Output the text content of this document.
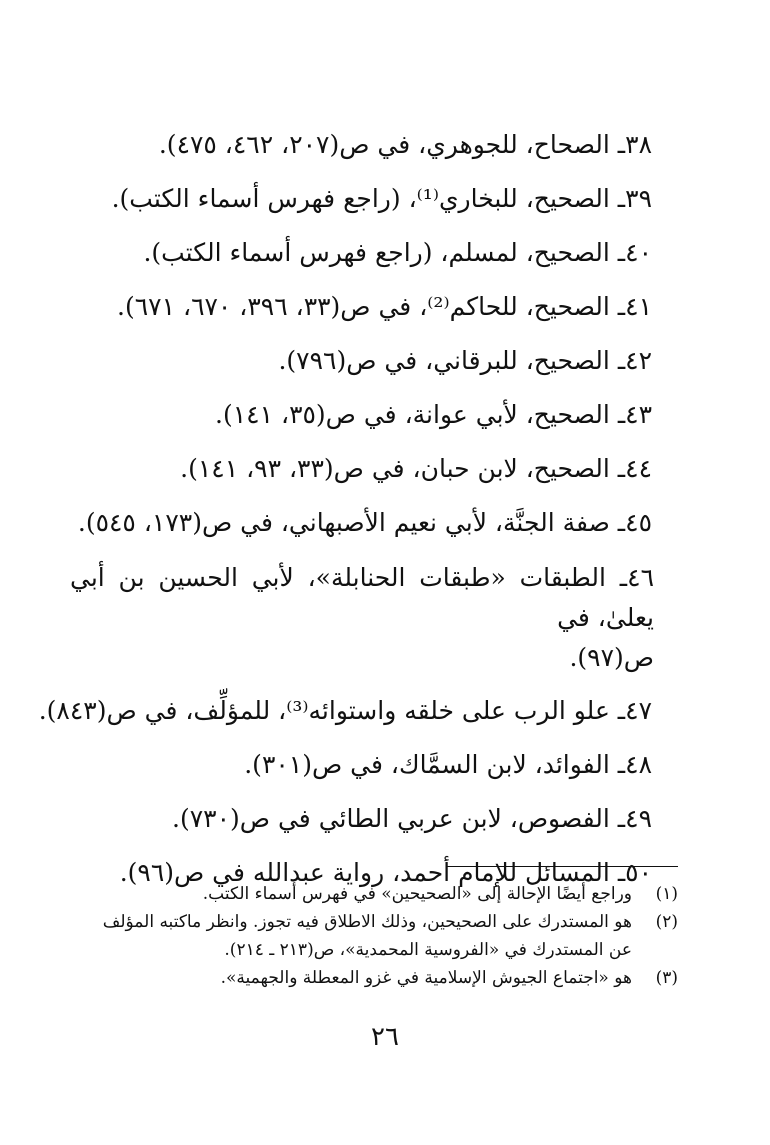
٣٨ـ الصحاح، للجوهري، في ص(٢٠٧، ٤٦٢، ٤٧٥).
٣٩ـ الصحيح، للبخاري⁽¹⁾، (راجع فهرس أسماء الكتب).
٤٠ـ الصحيح، لمسلم، (راجع فهرس أسماء الكتب).
٤١ـ الصحيح، للحاكم⁽²⁾، في ص(٣٣، ٣٩٦، ٦٧٠، ٦٧١).
٤٢ـ الصحيح، للبرقاني، في ص(٧٩٦).
٤٣ـ الصحيح، لأبي عوانة، في ص(٣٥، ١٤١).
٤٤ـ الصحيح، لابن حبان، في ص(٣٣، ٩٣، ١٤١).
٤٥ـ صفة الجنَّة، لأبي نعيم الأصبهاني، في ص(١٧٣، ٥٤٥).
٤٦ـ الطبقات «طبقات الحنابلة»، لأبي الحسين بن أبي يعلىٰ، في
ص(٩٧).
٤٧ـ علو الرب على خلقه واستوائه⁽³⁾، للمؤلِّف، في ص(٨٤٣).
٤٨ـ الفوائد، لابن السمَّاك، في ص(٣٠١).
٤٩ـ الفصوص، لابن عربي الطائي في ص(٧٣٠).
٥٠ـ المسائل للإمام أحمد، رواية عبدالله في ص(٩٦).
(١)
وراجع أيضًا الإحالة إلى «الصحيحين» في فهرس أسماء الكتب.
(٢)
هو المستدرك على الصحيحين، وذلك الاطلاق فيه تجوز. وانظر ماكتبه المؤلف
عن المستدرك في «الفروسية المحمدية»، ص(٢١٣ ـ ٢١٤).
(٣)
هو «اجتماع الجيوش الإسلامية في غزو المعطلة والجهمية».
٢٦
